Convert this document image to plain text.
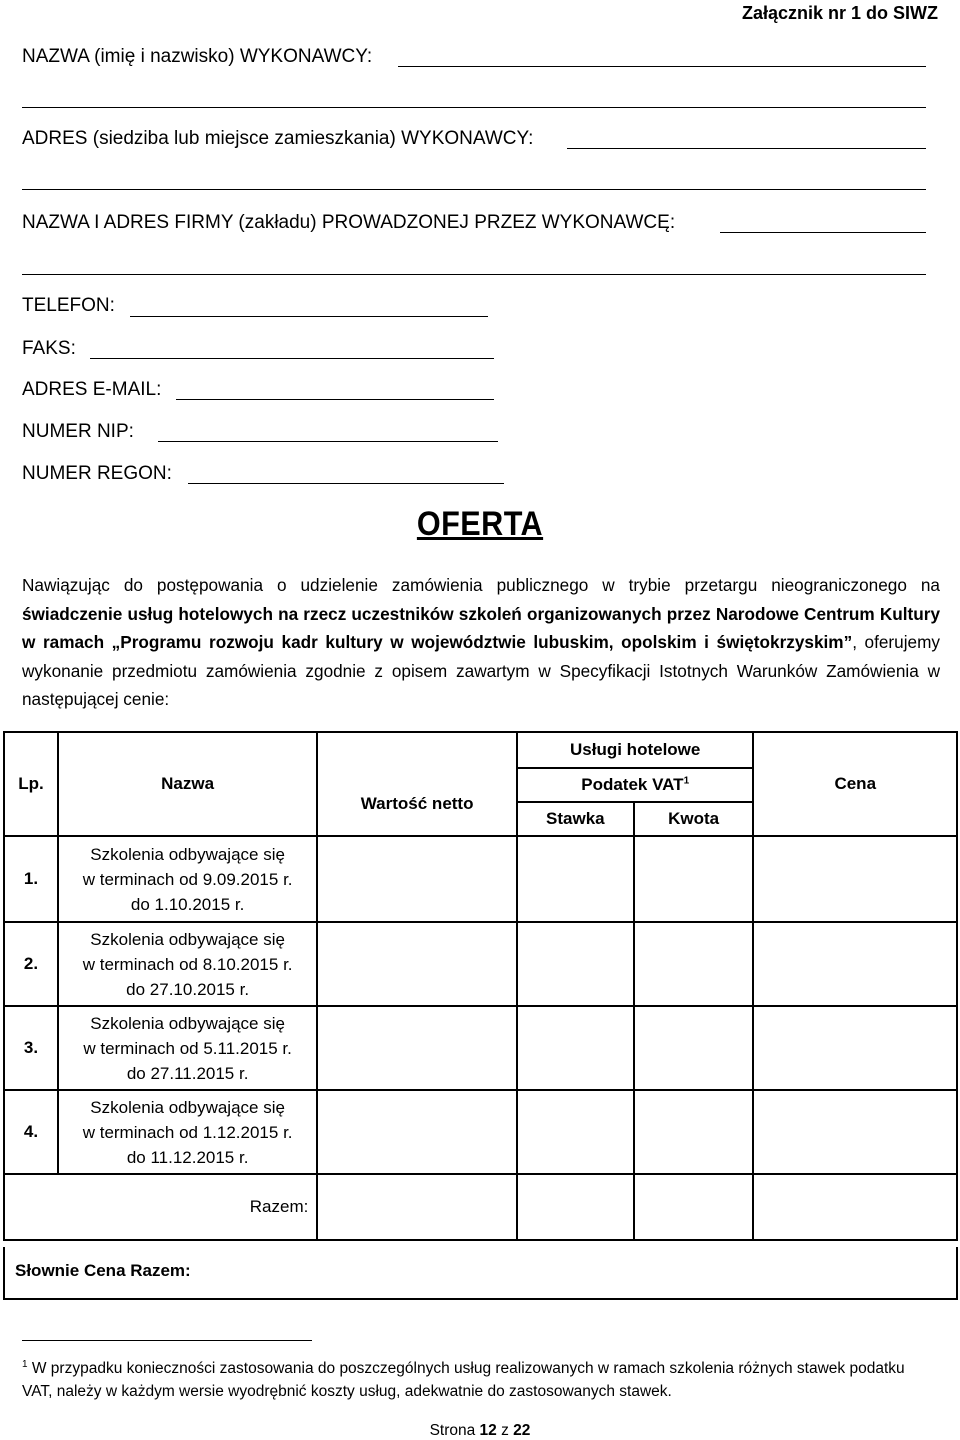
Załącznik nr 1 do SIWZ
NAZWA (imię i nazwisko) WYKONAWCY:
ADRES (siedziba lub miejsce zamieszkania) WYKONAWCY:
NAZWA I ADRES FIRMY (zakładu) PROWADZONEJ PRZEZ WYKONAWCĘ:
TELEFON:
FAKS:
ADRES E-MAIL:
NUMER NIP:
NUMER REGON:
OFERTA
Nawiązując do postępowania o udzielenie zamówienia publicznego w trybie przetargu nieograniczonego na świadczenie usług hotelowych na rzecz uczestników szkoleń organizowanych przez Narodowe Centrum Kultury w ramach „Programu rozwoju kadr kultury w województwie lubuskim, opolskim i świętokrzyskim”, oferujemy wykonanie przedmiotu zamówienia zgodnie z opisem zawartym w Specyfikacji Istotnych Warunków Zamówienia w następującej cenie:
Lp.	Nazwa	Wartość netto	Usługi hotelowe		Cena
			Podatek VAT$^1$
			Stawka	Kwota	
1.	Szkolenia odbywające się
w terminach od 9.09.2015 r.
do 1.10.2015 r.				

2.	Szkolenia odbywające się
w terminach od 8.10.2015 r.
do 27.10.2015 r.				

3.	Szkolenia odbywające się
w terminach od 5.11.2015 r.
do 27.11.2015 r.				

4.	Szkolenia odbywające się
w terminach od 1.12.2015 r.
do 11.12.2015 r.				

Razem:					
Słownie Cena Razem:
$^1$ W przypadku konieczności zastosowania do poszczególnych usług realizowanych w ramach szkolenia różnych stawek podatku VAT, należy w każdym wersie wyodrębnić koszty usług, adekwatnie do zastosowanych stawek.
Strona 12 z 22
